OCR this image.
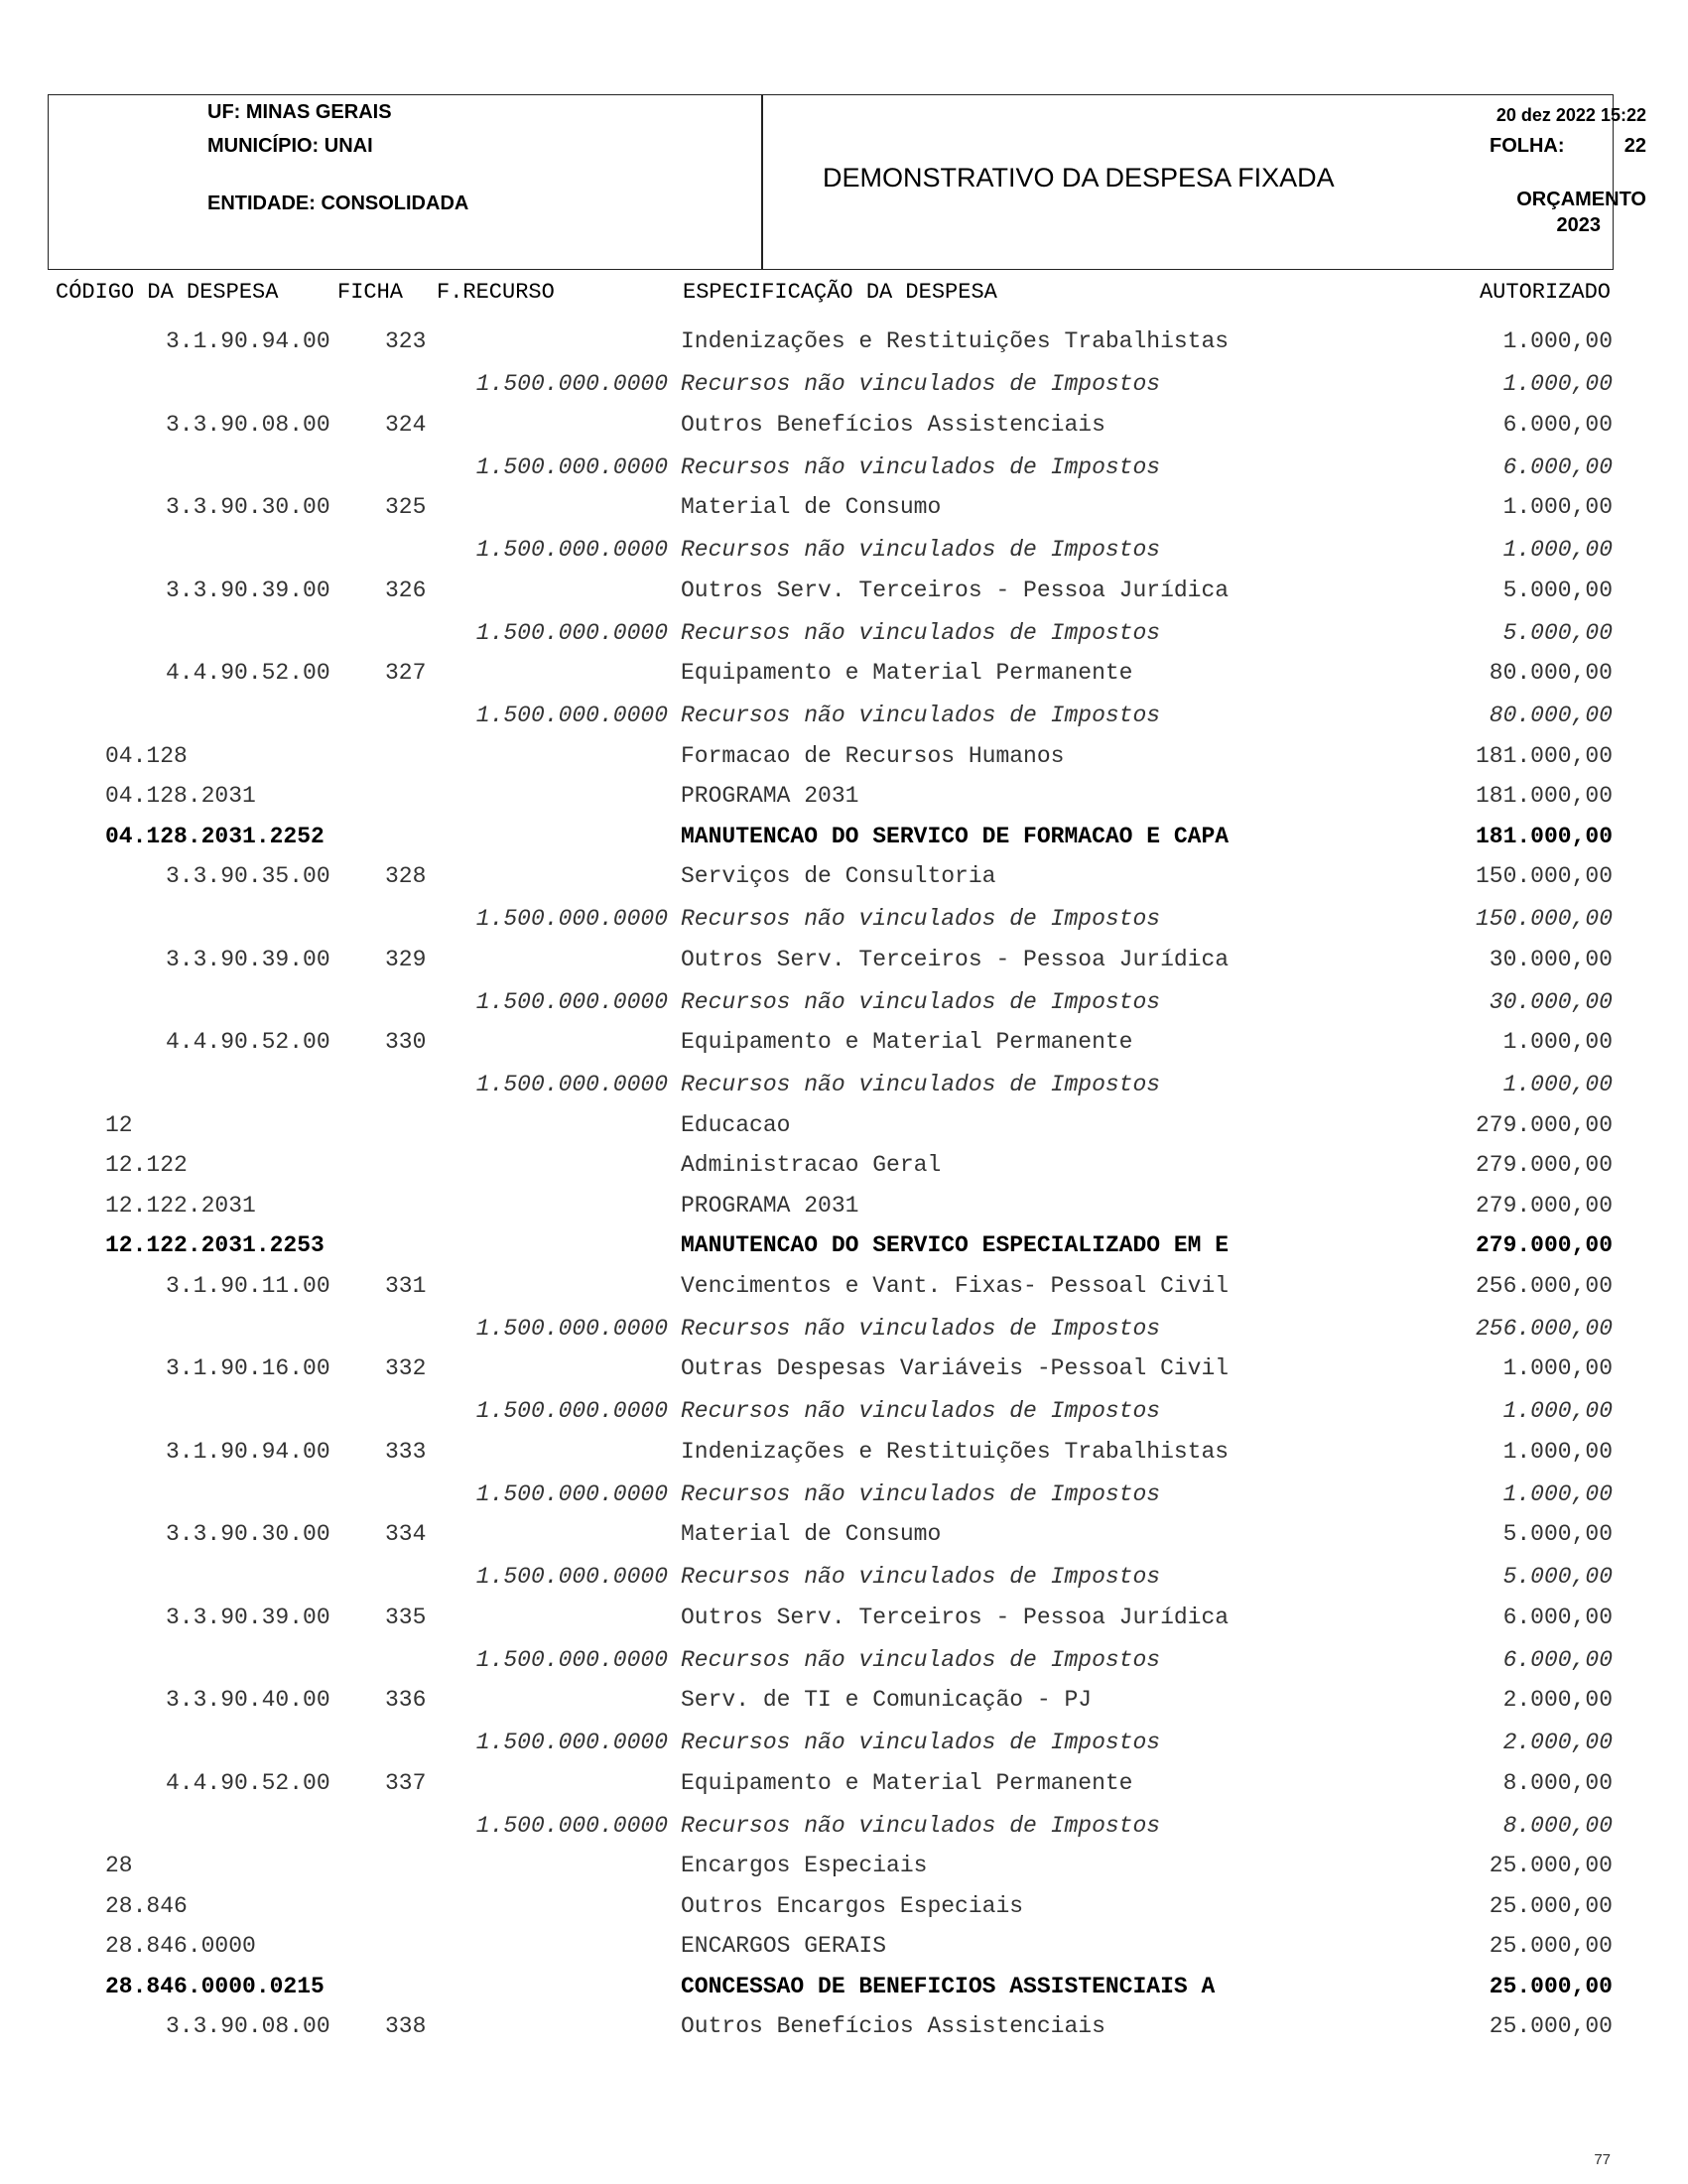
UF: MINAS GERAIS
MUNICÍPIO: UNAI
ENTIDADE: CONSOLIDADA
DEMONSTRATIVO DA DESPESA FIXADA
20 dez 2022 15:22
FOLHA:	22
ORÇAMENTO
2023
CÓDIGO DA DESPESA	FICHA F.RECURSO	ESPECIFICAÇÃO DA DESPESA	AUTORIZADO
3.1.90.94.00 323	Indenizações e Restituições Trabalhistas	1.000,00
1.500.000.0000 Recursos não vinculados de Impostos	1.000,00
3.3.90.08.00 324	Outros Benefícios Assistenciais	6.000,00
1.500.000.0000 Recursos não vinculados de Impostos	6.000,00
3.3.90.30.00 325	Material de Consumo	1.000,00
1.500.000.0000 Recursos não vinculados de Impostos	1.000,00
3.3.90.39.00 326	Outros Serv. Terceiros - Pessoa Jurídica	5.000,00
1.500.000.0000 Recursos não vinculados de Impostos	5.000,00
4.4.90.52.00 327	Equipamento e Material Permanente	80.000,00
1.500.000.0000 Recursos não vinculados de Impostos	80.000,00
04.128	Formacao de Recursos Humanos	181.000,00
04.128.2031	PROGRAMA 2031	181.000,00
04.128.2031.2252	MANUTENCAO DO SERVICO DE FORMACAO E CAPA	181.000,00
3.3.90.35.00 328	Serviços de Consultoria	150.000,00
1.500.000.0000 Recursos não vinculados de Impostos	150.000,00
3.3.90.39.00 329	Outros Serv. Terceiros - Pessoa Jurídica	30.000,00
1.500.000.0000 Recursos não vinculados de Impostos	30.000,00
4.4.90.52.00 330	Equipamento e Material Permanente	1.000,00
1.500.000.0000 Recursos não vinculados de Impostos	1.000,00
12	Educacao	279.000,00
12.122	Administracao Geral	279.000,00
12.122.2031	PROGRAMA 2031	279.000,00
12.122.2031.2253	MANUTENCAO DO SERVICO ESPECIALIZADO EM E	279.000,00
3.1.90.11.00 331	Vencimentos e Vant. Fixas- Pessoal Civil	256.000,00
1.500.000.0000 Recursos não vinculados de Impostos	256.000,00
3.1.90.16.00 332	Outras Despesas Variáveis -Pessoal Civil	1.000,00
1.500.000.0000 Recursos não vinculados de Impostos	1.000,00
3.1.90.94.00 333	Indenizações e Restituições Trabalhistas	1.000,00
1.500.000.0000 Recursos não vinculados de Impostos	1.000,00
3.3.90.30.00 334	Material de Consumo	5.000,00
1.500.000.0000 Recursos não vinculados de Impostos	5.000,00
3.3.90.39.00 335	Outros Serv. Terceiros - Pessoa Jurídica	6.000,00
1.500.000.0000 Recursos não vinculados de Impostos	6.000,00
3.3.90.40.00 336	Serv. de TI e Comunicação - PJ	2.000,00
1.500.000.0000 Recursos não vinculados de Impostos	2.000,00
4.4.90.52.00 337	Equipamento e Material Permanente	8.000,00
1.500.000.0000 Recursos não vinculados de Impostos	8.000,00
28	Encargos Especiais	25.000,00
28.846	Outros Encargos Especiais	25.000,00
28.846.0000	ENCARGOS GERAIS	25.000,00
28.846.0000.0215	CONCESSAO DE BENEFICIOS ASSISTENCIAIS A	25.000,00
3.3.90.08.00 338	Outros Benefícios Assistenciais	25.000,00
77
